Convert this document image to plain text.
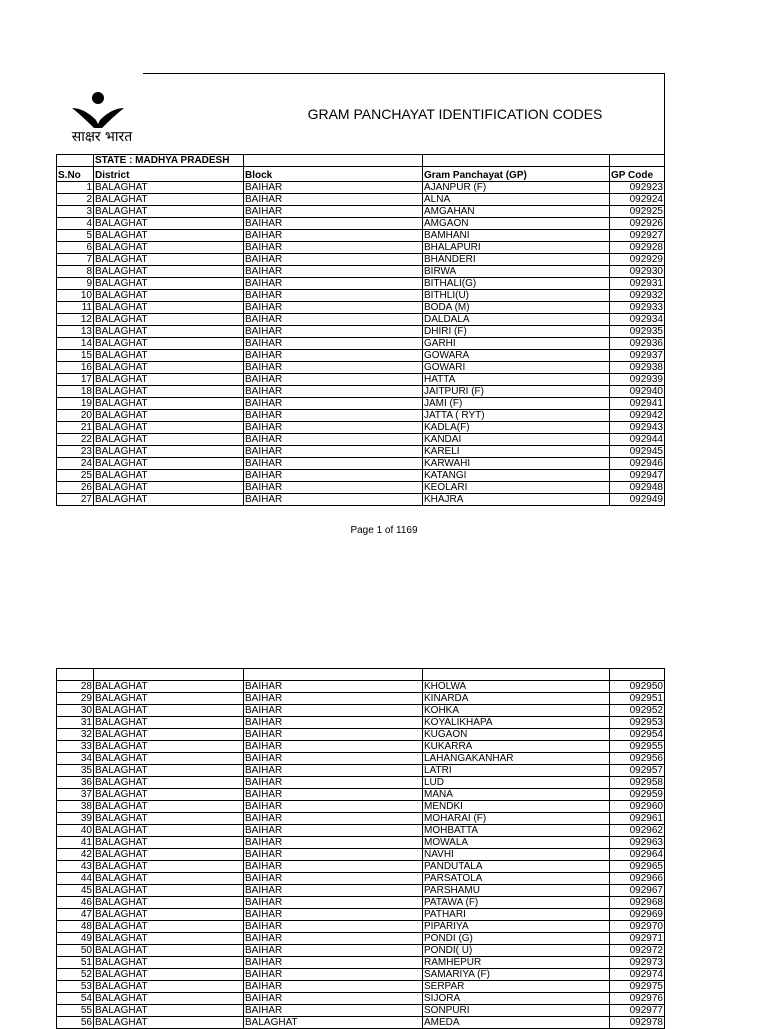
साक्षर भारत
GRAM PANCHAYAT IDENTIFICATION CODES
	STATE : MADHYA PRADESH			
S.No	District	Block	Gram Panchayat (GP)	GP Code
1	BALAGHAT	BAIHAR	AJANPUR (F)	092923
2	BALAGHAT	BAIHAR	ALNA	092924
3	BALAGHAT	BAIHAR	AMGAHAN	092925
4	BALAGHAT	BAIHAR	AMGAON	092926
5	BALAGHAT	BAIHAR	BAMHANI	092927
6	BALAGHAT	BAIHAR	BHALAPURI	092928
7	BALAGHAT	BAIHAR	BHANDERI	092929
8	BALAGHAT	BAIHAR	BIRWA	092930
9	BALAGHAT	BAIHAR	BITHALI(G)	092931
10	BALAGHAT	BAIHAR	BITHLI(U)	092932
11	BALAGHAT	BAIHAR	BODA (M)	092933
12	BALAGHAT	BAIHAR	DALDALA	092934
13	BALAGHAT	BAIHAR	DHIRI (F)	092935
14	BALAGHAT	BAIHAR	GARHI	092936
15	BALAGHAT	BAIHAR	GOWARA	092937
16	BALAGHAT	BAIHAR	GOWARI	092938
17	BALAGHAT	BAIHAR	HATTA	092939
18	BALAGHAT	BAIHAR	JAITPURI (F)	092940
19	BALAGHAT	BAIHAR	JAMI (F)	092941
20	BALAGHAT	BAIHAR	JATTA ( RYT)	092942
21	BALAGHAT	BAIHAR	KADLA(F)	092943
22	BALAGHAT	BAIHAR	KANDAI	092944
23	BALAGHAT	BAIHAR	KARELI	092945
24	BALAGHAT	BAIHAR	KARWAHI	092946
25	BALAGHAT	BAIHAR	KATANGI	092947
26	BALAGHAT	BAIHAR	KEOLARI	092948
27	BALAGHAT	BAIHAR	KHAJRA	092949
Page 1 of 1169

28	BALAGHAT	BAIHAR	KHOLWA	092950
29	BALAGHAT	BAIHAR	KINARDA	092951
30	BALAGHAT	BAIHAR	KOHKA	092952
31	BALAGHAT	BAIHAR	KOYALIKHAPA	092953
32	BALAGHAT	BAIHAR	KUGAON	092954
33	BALAGHAT	BAIHAR	KUKARRA	092955
34	BALAGHAT	BAIHAR	LAHANGAKANHAR	092956
35	BALAGHAT	BAIHAR	LATRI	092957
36	BALAGHAT	BAIHAR	LUD	092958
37	BALAGHAT	BAIHAR	MANA	092959
38	BALAGHAT	BAIHAR	MENDKI	092960
39	BALAGHAT	BAIHAR	MOHARAI (F)	092961
40	BALAGHAT	BAIHAR	MOHBATTA	092962
41	BALAGHAT	BAIHAR	MOWALA	092963
42	BALAGHAT	BAIHAR	NAVHI	092964
43	BALAGHAT	BAIHAR	PANDUTALA	092965
44	BALAGHAT	BAIHAR	PARSATOLA	092966
45	BALAGHAT	BAIHAR	PARSHAMU	092967
46	BALAGHAT	BAIHAR	PATAWA (F)	092968
47	BALAGHAT	BAIHAR	PATHARI	092969
48	BALAGHAT	BAIHAR	PIPARIYA	092970
49	BALAGHAT	BAIHAR	PONDI (G)	092971
50	BALAGHAT	BAIHAR	PONDI( U)	092972
51	BALAGHAT	BAIHAR	RAMHEPUR	092973
52	BALAGHAT	BAIHAR	SAMARIYA (F)	092974
53	BALAGHAT	BAIHAR	SERPAR	092975
54	BALAGHAT	BAIHAR	SIJORA	092976
55	BALAGHAT	BAIHAR	SONPURI	092977
56	BALAGHAT	BALAGHAT	AMEDA	092978
